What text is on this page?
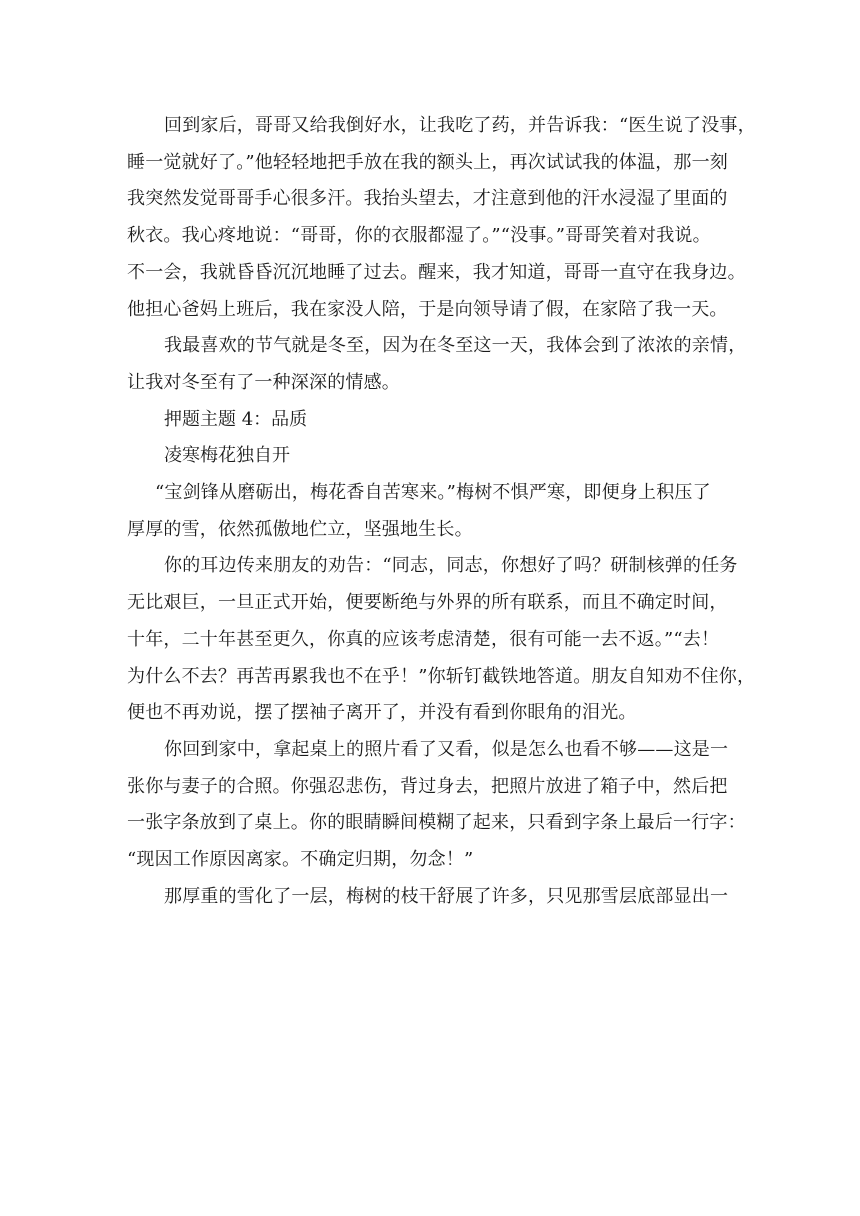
回到家后，哥哥又给我倒好水，让我吃了药，并告诉我：“医生说了没事，
睡一觉就好了。”他轻轻地把手放在我的额头上，再次试试我的体温，那一刻
我突然发觉哥哥手心很多汗。我抬头望去，才注意到他的汗水浸湿了里面的
秋衣。我心疼地说：“哥哥，你的衣服都湿了。”“没事。”哥哥笑着对我说。
不一会，我就昏昏沉沉地睡了过去。醒来，我才知道，哥哥一直守在我身边。
他担心爸妈上班后，我在家没人陪，于是向领导请了假，在家陪了我一天。

我最喜欢的节气就是冬至，因为在冬至这一天，我体会到了浓浓的亲情，
让我对冬至有了一种深深的情感。

押题主题 4：品质

凌寒梅花独自开

“宝剑锋从磨砺出，梅花香自苦寒来。”梅树不惧严寒，即便身上积压了
厚厚的雪，依然孤傲地伫立，坚强地生长。

你的耳边传来朋友的劝告：“同志，同志，你想好了吗？研制核弹的任务
无比艰巨，一旦正式开始，便要断绝与外界的所有联系，而且不确定时间，
十年，二十年甚至更久，你真的应该考虑清楚，很有可能一去不返。”“去！
为什么不去？再苦再累我也不在乎！”你斩钉截铁地答道。朋友自知劝不住你，
便也不再劝说，摆了摆袖子离开了，并没有看到你眼角的泪光。

你回到家中，拿起桌上的照片看了又看，似是怎么也看不够——这是一
张你与妻子的合照。你强忍悲伤，背过身去，把照片放进了箱子中，然后把
一张字条放到了桌上。你的眼睛瞬间模糊了起来，只看到字条上最后一行字：
“现因工作原因离家。不确定归期，勿念！”

那厚重的雪化了一层，梅树的枝干舒展了许多，只见那雪层底部显出一
